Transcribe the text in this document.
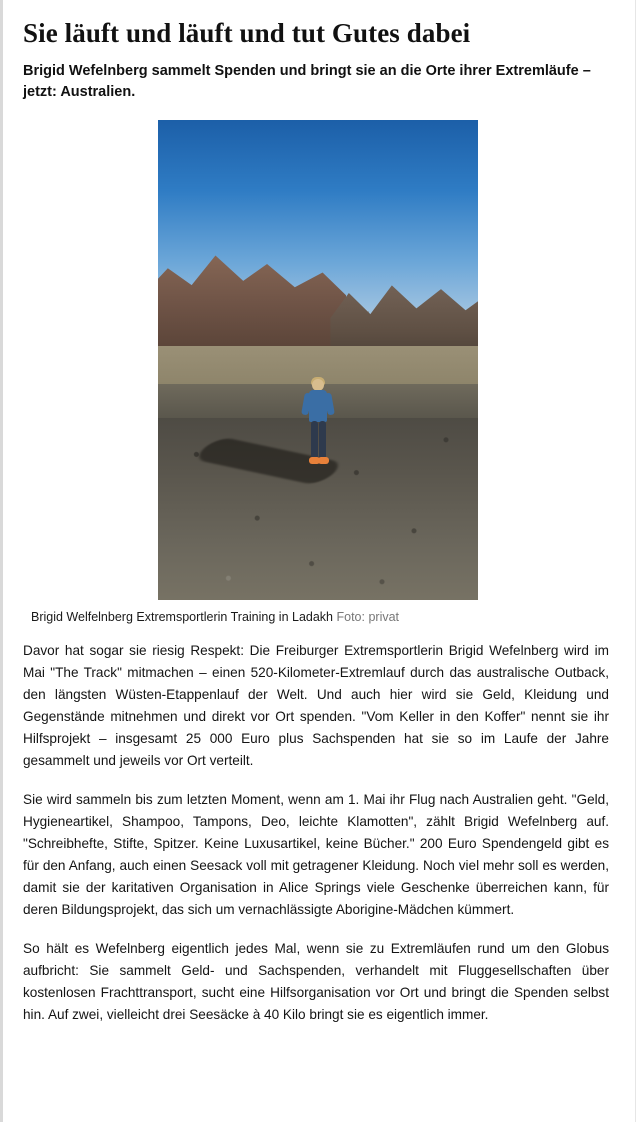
Sie läuft und läuft und tut Gutes dabei
Brigid Wefelnberg sammelt Spenden und bringt sie an die Orte ihrer Extremläufe – jetzt: Australien.
Brigid Welfelnberg Extremsportlerin Training in Ladakh Foto: privat

Davor hat sogar sie riesig Respekt: Die Freiburger Extremsportlerin Brigid Wefelnberg wird im Mai "The Track" mitmachen – einen 520-Kilometer-Extremlauf durch das australische Outback, den längsten Wüsten-Etappenlauf der Welt. Und auch hier wird sie Geld, Kleidung und Gegenstände mitnehmen und direkt vor Ort spenden. "Vom Keller in den Koffer" nennt sie ihr Hilfsprojekt – insgesamt 25 000 Euro plus Sachspenden hat sie so im Laufe der Jahre gesammelt und jeweils vor Ort verteilt.

Sie wird sammeln bis zum letzten Moment, wenn am 1. Mai ihr Flug nach Australien geht. "Geld, Hygieneartikel, Shampoo, Tampons, Deo, leichte Klamotten", zählt Brigid Wefelnberg auf. "Schreibhefte, Stifte, Spitzer. Keine Luxusartikel, keine Bücher." 200 Euro Spendengeld gibt es für den Anfang, auch einen Seesack voll mit getragener Kleidung. Noch viel mehr soll es werden, damit sie der karitativen Organisation in Alice Springs viele Geschenke überreichen kann, für deren Bildungsprojekt, das sich um vernachlässigte Aborigine-Mädchen kümmert.

So hält es Wefelnberg eigentlich jedes Mal, wenn sie zu Extremläufen rund um den Globus aufbricht: Sie sammelt Geld- und Sachspenden, verhandelt mit Fluggesellschaften über kostenlosen Frachttransport, sucht eine Hilfsorganisation vor Ort und bringt die Spenden selbst hin. Auf zwei, vielleicht drei Seesäcke à 40 Kilo bringt sie es eigentlich immer.
